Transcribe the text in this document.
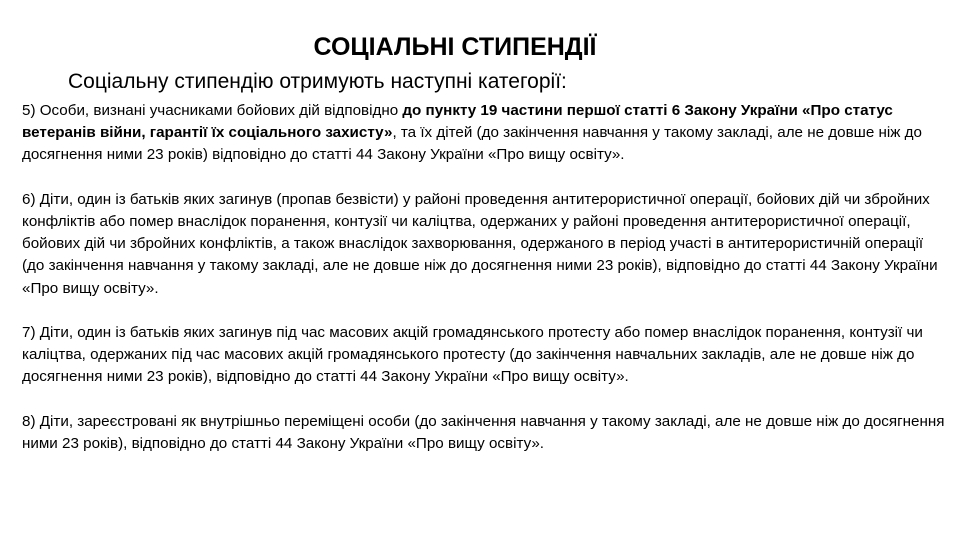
СОЦІАЛЬНІ СТИПЕНДІЇ

Соціальну стипендію отримують наступні категорії:

5) Особи, визнані учасниками бойових дій відповідно до пункту 19 частини першої статті 6 Закону України «Про статус ветеранів війни, гарантії їх соціального захисту», та їх дітей (до закінчення навчання у такому закладі, але не довше ніж до досягнення ними 23 років) відповідно до статті 44 Закону України «Про вищу освіту».

6) Діти, один із батьків яких загинув (пропав безвісти) у районі проведення антитерористичної операції, бойових дій чи збройних конфліктів або помер внаслідок поранення, контузії чи каліцтва, одержаних у районі проведення антитерористичної операції, бойових дій чи збройних конфліктів, а також внаслідок захворювання, одержаного в період участі в антитерористичній операції (до закінчення навчання у такому закладі, але не довше ніж до досягнення ними 23 років), відповідно до статті 44 Закону України «Про вищу освіту».

7) Діти, один із батьків яких загинув під час масових акцій громадянського протесту або помер внаслідок поранення, контузії чи каліцтва, одержаних під час масових акцій громадянського протесту (до закінчення навчальних закладів, але не довше ніж до досягнення ними 23 років), відповідно до статті 44 Закону України «Про вищу освіту».

8) Діти, зареєстровані як внутрішньо переміщені особи (до закінчення навчання у такому закладі, але не довше ніж до досягнення ними 23 років), відповідно до статті 44 Закону України «Про вищу освіту».
